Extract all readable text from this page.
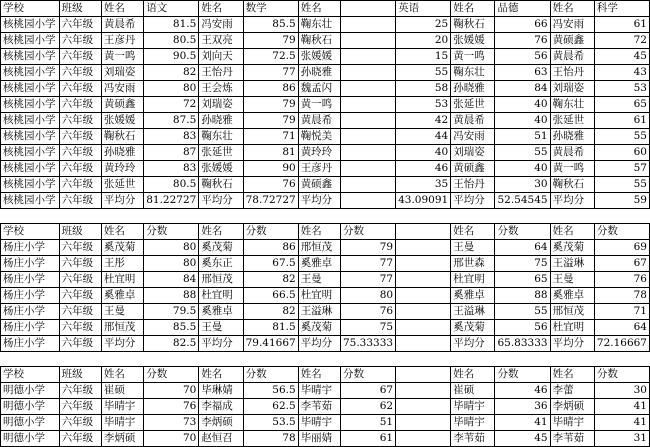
学校	班级	姓名	语文	姓名	数学	姓名		英语	姓名	品德	姓名	科学
核桃园小学	六年级	黄晨希	81.5	冯安雨	85.5	鞠东壮		25	鞠秋石	66	冯安雨	61
核桃园小学	六年级	王彦丹	80.5	王双亮	79	鞠秋石		20	张媛媛	76	黄硕鑫	72
核桃园小学	六年级	黄一鸣	90.5	刘向天	72.5	张媛媛		15	黄一鸣	56	黄晨希	45
核桃园小学	六年级	刘瑞姿	82	王怡丹	77	孙晓雅		55	鞠东壮	63	王怡丹	43
核桃园小学	六年级	冯安雨	80	王会炼	86	魏孟闪		58	孙晓雅	84	刘瑞姿	53
核桃园小学	六年级	黄硕鑫	72	刘瑞姿	79	黄一鸣		53	张延世	40	鞠东壮	65
核桃园小学	六年级	张媛媛	87.5	孙晓雅	79	黄晨希		42	黄晨希	40	张延世	61
核桃园小学	六年级	鞠秋石	83	鞠东壮	71	鞠悦美		44	冯安雨	51	孙晓雅	55
核桃园小学	六年级	孙晓雅	87	张延世	81	黄玲玲		40	刘瑞姿	55	黄晨希	60
核桃园小学	六年级	黄玲玲	83	张媛媛	90	王彦丹		46	黄硕鑫	40	黄一鸣	57
核桃园小学	六年级	张延世	80.5	鞠秋石	76	黄硕鑫		35	王怡丹	30	鞠秋石	55
核桃园小学	六年级	平均分	81.22727	平均分	78.72727	平均分		43.09091	平均分	52.54545	平均分	59

学校	班级	姓名	分数	姓名	分数	姓名	分数		姓名	分数	姓名	分数
杨庄小学	六年级	奚茂菊	80	奚茂菊	86	邢恒茂	79		王曼	64	奚茂菊	69
杨庄小学	六年级	王彤	80	奚东正	67.5	奚雅卓	77		邢世森	75	王溢琳	67
杨庄小学	六年级	杜宜明	84	邢恒茂	82	王曼	77		杜宜明	65	王曼	76
杨庄小学	六年级	奚雅卓	88	杜宜明	66.5	杜宜明	80		奚雅卓	88	奚雅卓	78
杨庄小学	六年级	王曼	79.5	奚雅卓	82	王溢琳	76		王溢琳	55	邢恒茂	71
杨庄小学	六年级	邢恒茂	85.5	王曼	81.5	奚茂菊	75		奚茂菊	56	杜宜明	64
杨庄小学	六年级	平均分	82.5	平均分	79.41667	平均分	75.33333		平均分	65.83333	平均分	72.16667

学校	班级	姓名	分数	姓名	分数	姓名	分数		姓名	分数	姓名	分数
明德小学	六年级	崔硕	70	毕琳婧	56.5	毕晴宇	67		崔硕	46	李蕾	30
明德小学	六年级	毕晴宇	76	李福成	62.5	李苇茹	62		毕晴宇	36	李炳硕	41
明德小学	六年级	毕晴宇	73	李炳硕	53.5	毕晴宇	51		毕晴宇	41	毕晴宇	41
明德小学	六年级	李炳硕	70	赵恒召	78	毕丽婧	61		李苇茹	45	李苇茹	31
